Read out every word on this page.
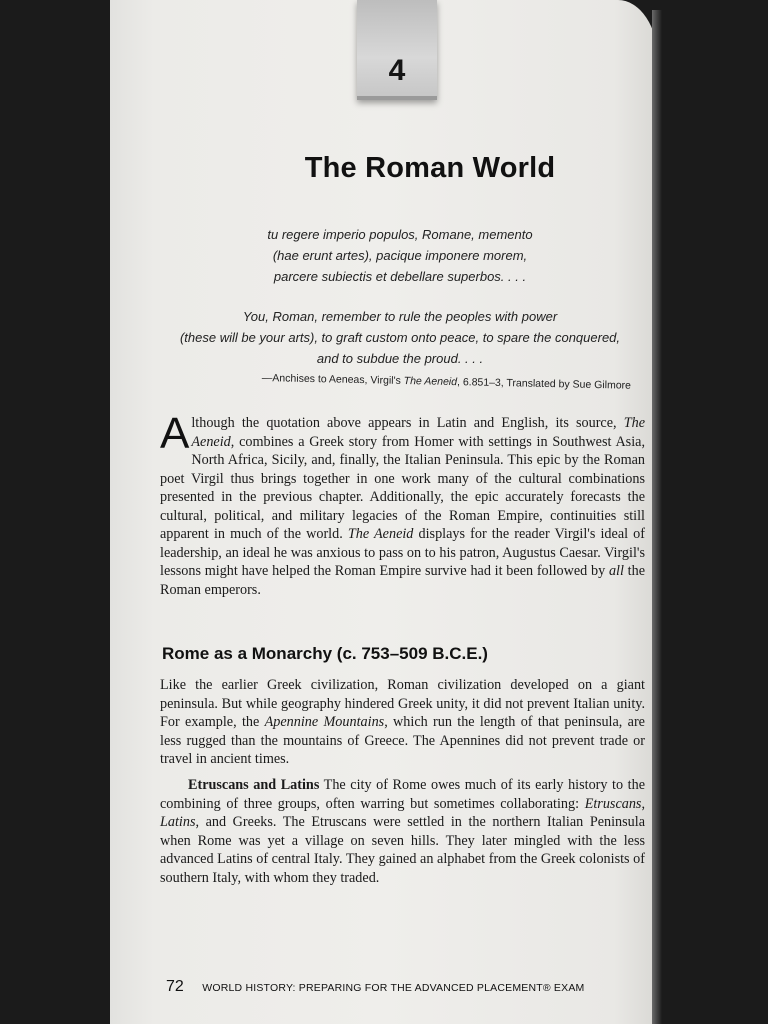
4
The Roman World
tu regere imperio populos, Romane, memento
(hae erunt artes), pacique imponere morem,
parcere subiectis et debellare superbos. . . .
You, Roman, remember to rule the peoples with power
(these will be your arts), to graft custom onto peace, to spare the conquered,
and to subdue the proud. . . .
—Anchises to Aeneas, Virgil's The Aeneid, 6.851–3, Translated by Sue Gilmore
Although the quotation above appears in Latin and English, its source, The Aeneid, combines a Greek story from Homer with settings in Southwest Asia, North Africa, Sicily, and, finally, the Italian Peninsula. This epic by the Roman poet Virgil thus brings together in one work many of the cultural combinations presented in the previous chapter. Additionally, the epic accurately forecasts the cultural, political, and military legacies of the Roman Empire, continuities still apparent in much of the world. The Aeneid displays for the reader Virgil's ideal of leadership, an ideal he was anxious to pass on to his patron, Augustus Caesar. Virgil's lessons might have helped the Roman Empire survive had it been followed by all the Roman emperors.
Rome as a Monarchy (c. 753–509 B.C.E.)
Like the earlier Greek civilization, Roman civilization developed on a giant peninsula. But while geography hindered Greek unity, it did not prevent Italian unity. For example, the Apennine Mountains, which run the length of that peninsula, are less rugged than the mountains of Greece. The Apennines did not prevent trade or travel in ancient times.
Etruscans and Latins The city of Rome owes much of its early history to the combining of three groups, often warring but sometimes collaborating: Etruscans, Latins, and Greeks. The Etruscans were settled in the northern Italian Peninsula when Rome was yet a village on seven hills. They later mingled with the less advanced Latins of central Italy. They gained an alphabet from the Greek colonists of southern Italy, with whom they traded.
72 WORLD HISTORY: PREPARING FOR THE ADVANCED PLACEMENT® EXAM
